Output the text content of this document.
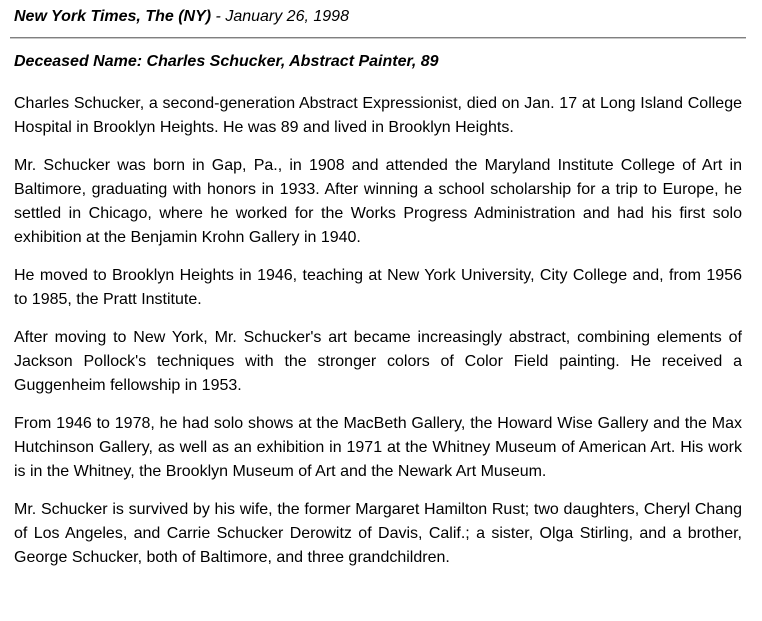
New York Times, The (NY) - January 26, 1998
Deceased Name: Charles Schucker, Abstract Painter, 89

Charles Schucker, a second-generation Abstract Expressionist, died on Jan. 17 at Long Island College Hospital in Brooklyn Heights. He was 89 and lived in Brooklyn Heights.

Mr. Schucker was born in Gap, Pa., in 1908 and attended the Maryland Institute College of Art in Baltimore, graduating with honors in 1933. After winning a school scholarship for a trip to Europe, he settled in Chicago, where he worked for the Works Progress Administration and had his first solo exhibition at the Benjamin Krohn Gallery in 1940.

He moved to Brooklyn Heights in 1946, teaching at New York University, City College and, from 1956 to 1985, the Pratt Institute.

After moving to New York, Mr. Schucker's art became increasingly abstract, combining elements of Jackson Pollock's techniques with the stronger colors of Color Field painting. He received a Guggenheim fellowship in 1953.

From 1946 to 1978, he had solo shows at the MacBeth Gallery, the Howard Wise Gallery and the Max Hutchinson Gallery, as well as an exhibition in 1971 at the Whitney Museum of American Art. His work is in the Whitney, the Brooklyn Museum of Art and the Newark Art Museum.

Mr. Schucker is survived by his wife, the former Margaret Hamilton Rust; two daughters, Cheryl Chang of Los Angeles, and Carrie Schucker Derowitz of Davis, Calif.; a sister, Olga Stirling, and a brother, George Schucker, both of Baltimore, and three grandchildren.
